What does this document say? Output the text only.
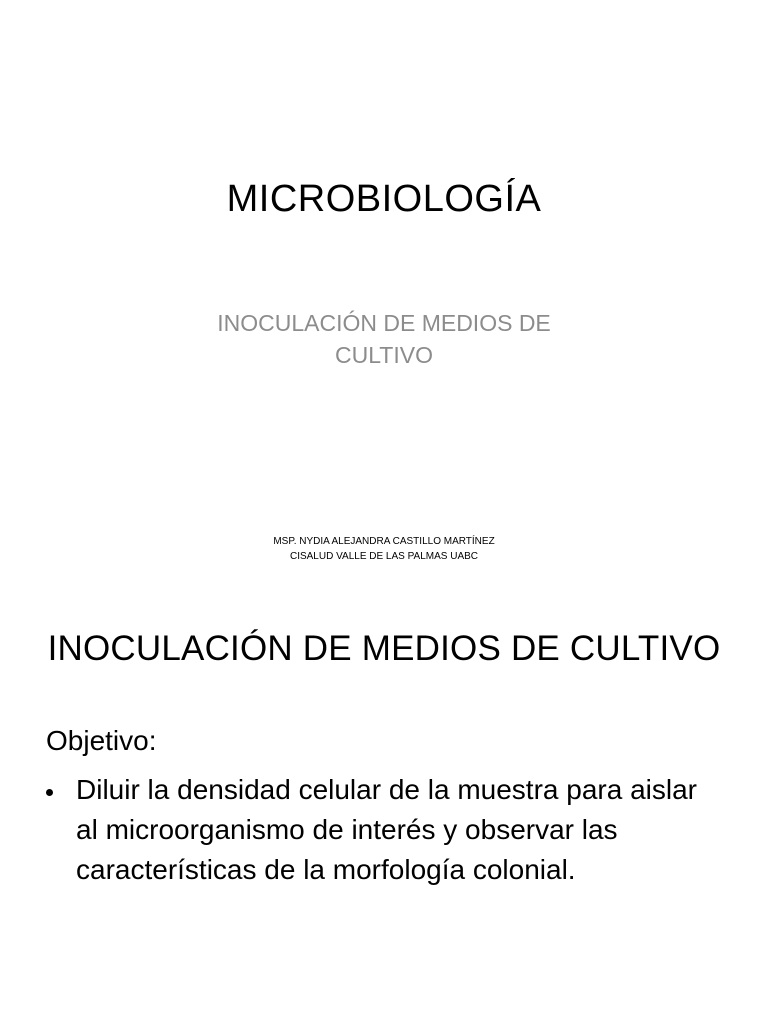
MICROBIOLOGÍA
INOCULACIÓN DE MEDIOS DE CULTIVO
MSP. NYDIA ALEJANDRA CASTILLO MARTÍNEZ
CISALUD VALLE DE LAS PALMAS UABC
INOCULACIÓN DE MEDIOS DE CULTIVO
Objetivo:
Diluir la densidad celular de la muestra para aislar al microorganismo de interés y observar las características de la morfología colonial.
